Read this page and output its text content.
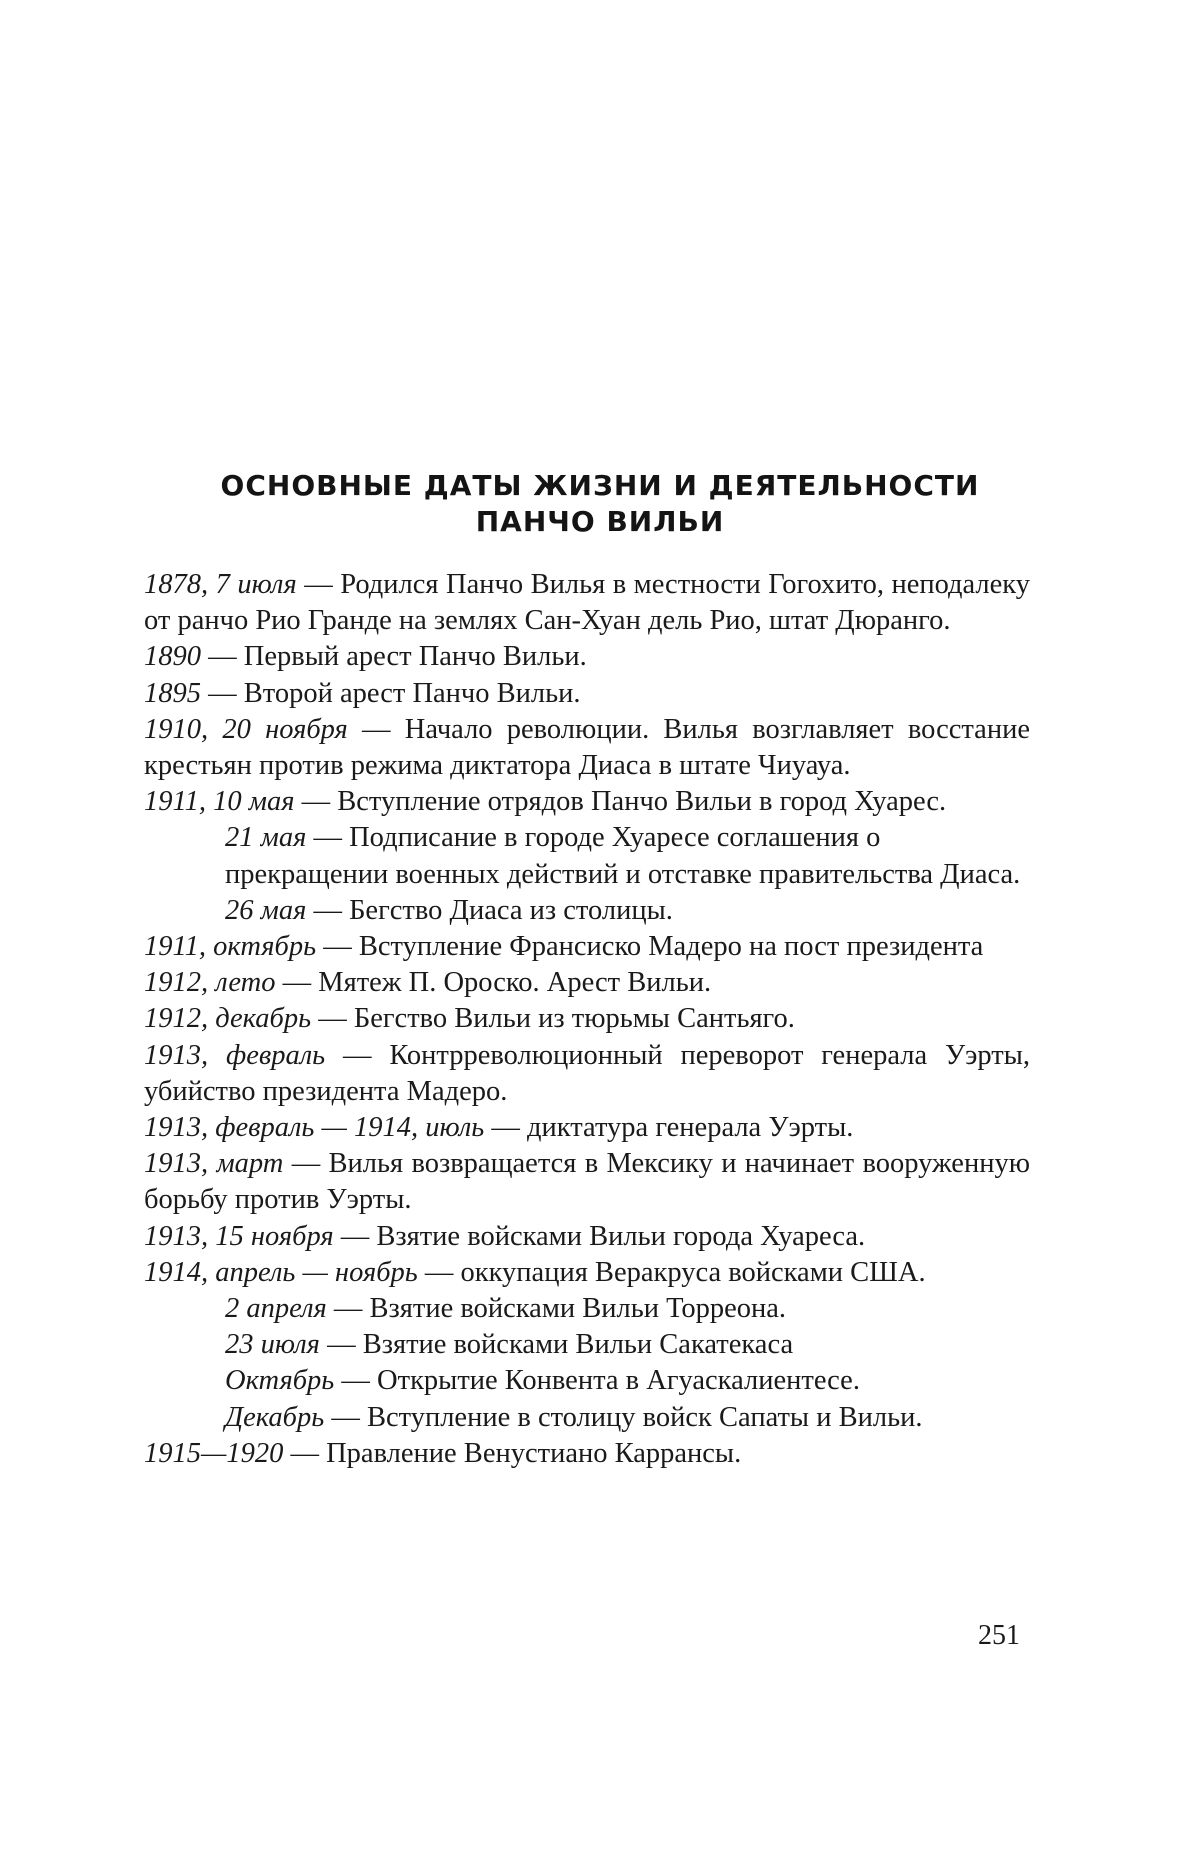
ОСНОВНЫЕ ДАТЫ ЖИЗНИ И ДЕЯТЕЛЬНОСТИ
ПАНЧО ВИЛЬИ
1878, 7 июля — Родился Панчо Вилья в местности Гогохито, неподалеку от ранчо Рио Гранде на землях Сан-Хуан дель Рио, штат Дюранго.
1890 — Первый арест Панчо Вильи.
1895 — Второй арест Панчо Вильи.
1910, 20 ноября — Начало революции. Вилья возглавляет восстание крестьян против режима диктатора Диаса в штате Чиуауа.
1911, 10 мая — Вступление отрядов Панчо Вильи в город Хуарес.
21 мая — Подписание в городе Хуаресе соглашения о прекращении военных действий и отставке правительства Диаса.
26 мая — Бегство Диаса из столицы.
1911, октябрь — Вступление Франсиско Мадеро на пост президента
1912, лето — Мятеж П. Ороско. Арест Вильи.
1912, декабрь — Бегство Вильи из тюрьмы Сантьяго.
1913, февраль — Контрреволюционный переворот генерала Уэрты, убийство президента Мадеро.
1913, февраль — 1914, июль — диктатура генерала Уэрты.
1913, март — Вилья возвращается в Мексику и начинает вооруженную борьбу против Уэрты.
1913, 15 ноября — Взятие войсками Вильи города Хуареса.
1914, апрель — ноябрь — оккупация Веракруса войсками США.
2 апреля — Взятие войсками Вильи Торреона.
23 июля — Взятие войсками Вильи Сакатекаса
Октябрь — Открытие Конвента в Агуаскалиентесе.
Декабрь — Вступление в столицу войск Сапаты и Вильи.
1915—1920 — Правление Венустиано Каррансы.
251
